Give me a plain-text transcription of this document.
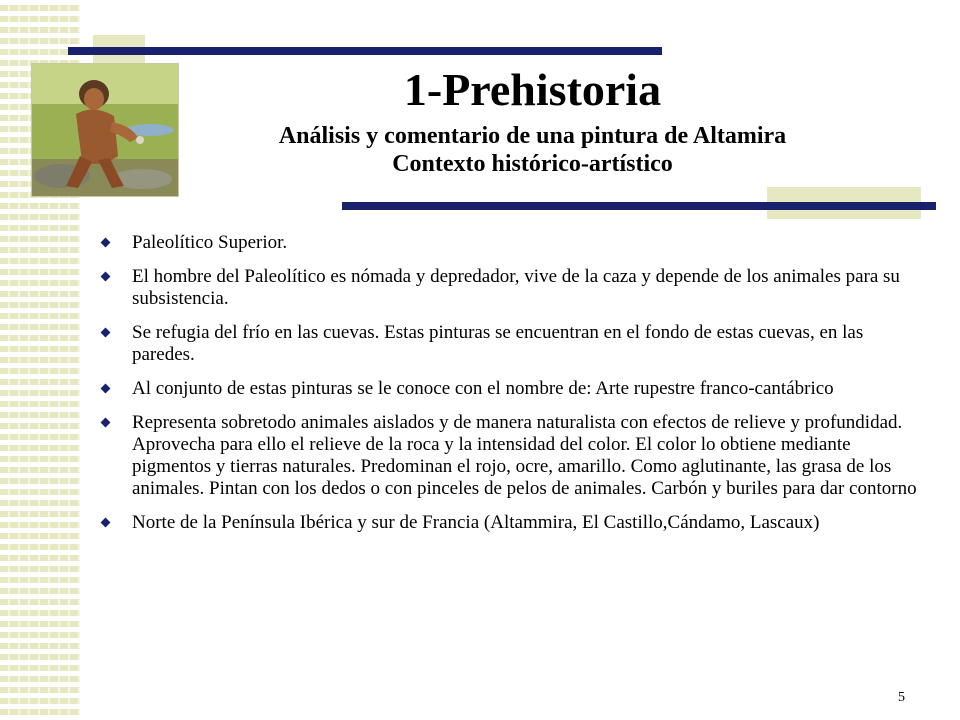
1-Prehistoria
Análisis y comentario de una pintura de Altamira
Contexto histórico-artístico
Paleolítico Superior.
El hombre del Paleolítico es nómada y depredador, vive de la caza y depende de los animales para su subsistencia.
Se refugia del frío en las cuevas. Estas pinturas se encuentran en el fondo de estas cuevas, en las paredes.
Al conjunto de estas pinturas se le conoce con el nombre de: Arte rupestre franco-cantábrico
Representa sobretodo animales aislados y de manera naturalista con efectos de relieve y profundidad. Aprovecha para ello el relieve de la roca y la intensidad del color. El color lo obtiene mediante pigmentos y tierras naturales. Predominan el rojo, ocre, amarillo. Como aglutinante, las grasa de los animales. Pintan con los dedos o con pinceles de pelos de animales. Carbón y buriles para dar contorno
Norte de la Península Ibérica y sur de Francia (Altammira, El Castillo,Cándamo, Lascaux)
5
